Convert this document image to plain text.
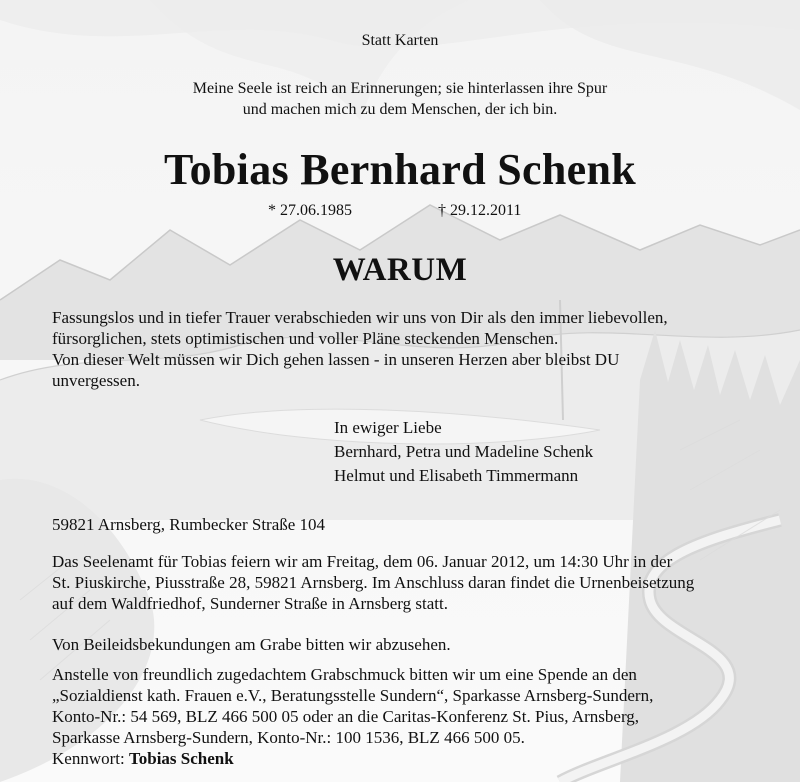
Statt Karten
Meine Seele ist reich an Erinnerungen; sie hinterlassen ihre Spur
und machen mich zu dem Menschen, der ich bin.
Tobias Bernhard Schenk
* 27.06.1985	† 29.12.2011
WARUM

Fassungslos und in tiefer Trauer verabschieden wir uns von Dir als den immer liebevollen,

fürsorglichen, stets optimistischen und voller Pläne steckenden Menschen.

Von dieser Welt müssen wir Dich gehen lassen - in unseren Herzen aber bleibst DU

unvergessen.

In ewiger Liebe
Bernhard, Petra und Madeline Schenk
Helmut und Elisabeth Timmermann
59821 Arnsberg, Rumbecker Straße 104
Das Seelenamt für Tobias feiern wir am Freitag, dem 06. Januar 2012, um 14:30 Uhr in der
St. Piuskirche, Piusstraße 28, 59821 Arnsberg. Im Anschluss daran findet die Urnenbeisetzung
auf dem Waldfriedhof, Sunderner Straße in Arnsberg statt.
Von Beileidsbekundungen am Grabe bitten wir abzusehen.
Anstelle von freundlich zugedachtem Grabschmuck bitten wir um eine Spende an den
„Sozialdienst kath. Frauen e.V., Beratungsstelle Sundern“, Sparkasse Arnsberg-Sundern,
Konto-Nr.: 54 569, BLZ 466 500 05 oder an die Caritas-Konferenz St. Pius, Arnsberg,
Sparkasse Arnsberg-Sundern, Konto-Nr.: 100 1536, BLZ 466 500 05.
Kennwort: Tobias Schenk
